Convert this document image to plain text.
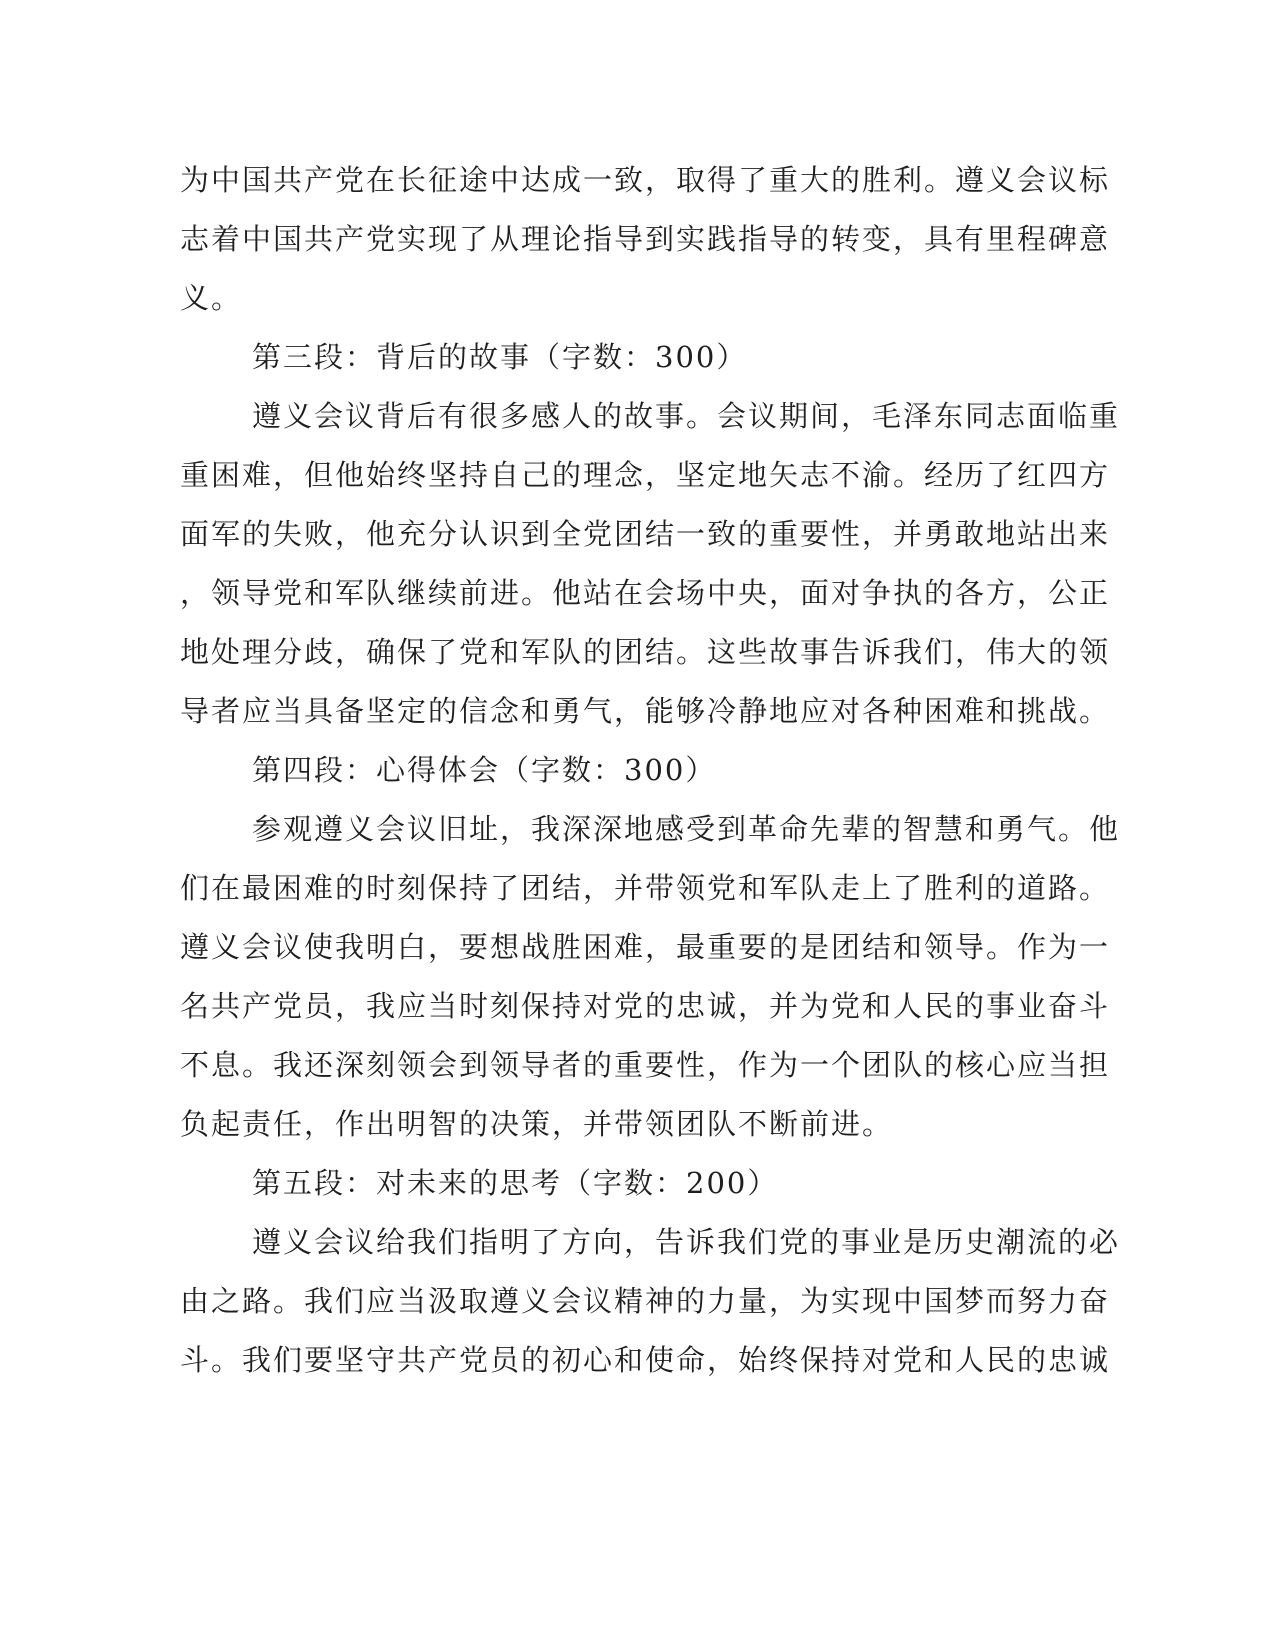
为中国共产党在长征途中达成一致，取得了重大的胜利。遵义会议标
志着中国共产党实现了从理论指导到实践指导的转变，具有里程碑意
义。
第三段：背后的故事（字数：300）
遵义会议背后有很多感人的故事。会议期间，毛泽东同志面临重
重困难，但他始终坚持自己的理念，坚定地矢志不渝。经历了红四方
面军的失败，他充分认识到全党团结一致的重要性，并勇敢地站出来
，领导党和军队继续前进。他站在会场中央，面对争执的各方，公正
地处理分歧，确保了党和军队的团结。这些故事告诉我们，伟大的领
导者应当具备坚定的信念和勇气，能够冷静地应对各种困难和挑战。
第四段：心得体会（字数：300）
参观遵义会议旧址，我深深地感受到革命先辈的智慧和勇气。他
们在最困难的时刻保持了团结，并带领党和军队走上了胜利的道路。
遵义会议使我明白，要想战胜困难，最重要的是团结和领导。作为一
名共产党员，我应当时刻保持对党的忠诚，并为党和人民的事业奋斗
不息。我还深刻领会到领导者的重要性，作为一个团队的核心应当担
负起责任，作出明智的决策，并带领团队不断前进。
第五段：对未来的思考（字数：200）
遵义会议给我们指明了方向，告诉我们党的事业是历史潮流的必
由之路。我们应当汲取遵义会议精神的力量，为实现中国梦而努力奋
斗。我们要坚守共产党员的初心和使命，始终保持对党和人民的忠诚
